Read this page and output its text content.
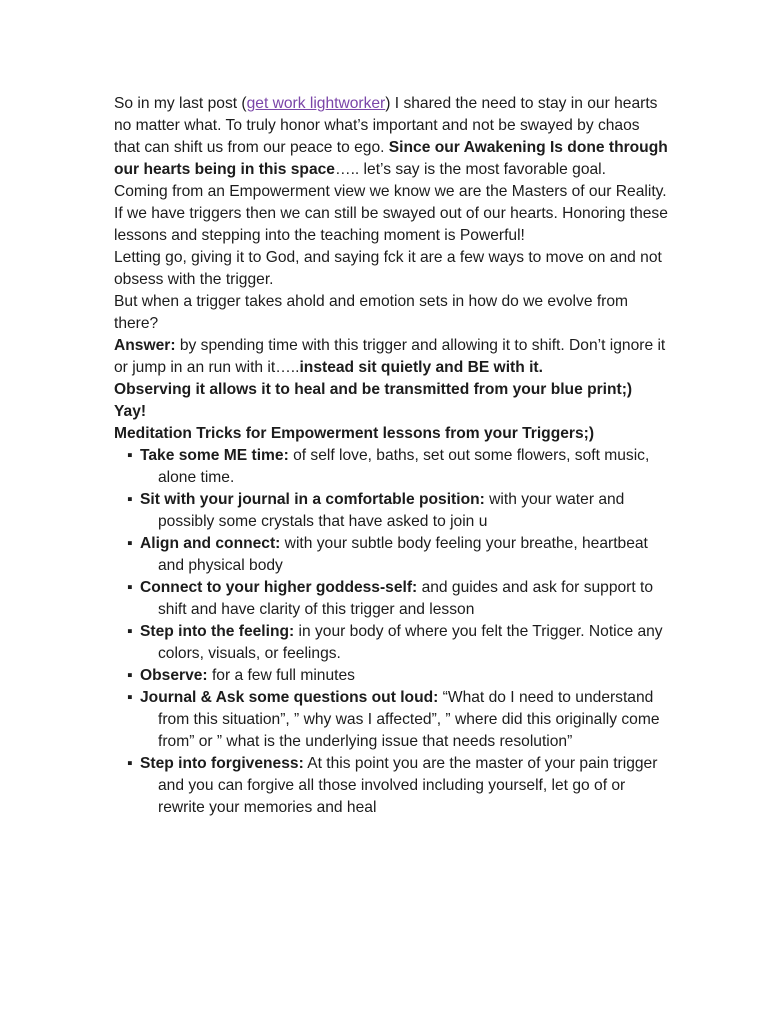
So in my last post (get work lightworker) I shared the need to stay in our hearts no matter what. To truly honor what’s important and not be swayed by chaos that can shift us from our peace to ego. Since our Awakening Is done through our hearts being in this space….. let’s say is the most favorable goal.

Coming from an Empowerment view we know we are the Masters of our Reality. If we have triggers then we can still be swayed out of our hearts. Honoring these lessons and stepping into the teaching moment is Powerful!

Letting go, giving it to God, and saying fck it are a few ways to move on and not obsess with the trigger.

But when a trigger takes ahold and emotion sets in how do we evolve from there?

Answer: by spending time with this trigger and allowing it to shift. Don’t ignore it or jump in an run with it…..instead sit quietly and BE with it.

Observing it allows it to heal and be transmitted from your blue print;) Yay!

Meditation Tricks for Empowerment lessons from your Triggers;)

▪ Take some ME time: of self love, baths, set out some flowers, soft music, alone time.
▪ Sit with your journal in a comfortable position: with your water and possibly some crystals that have asked to join u
▪ Align and connect: with your subtle body feeling your breathe, heartbeat and physical body
▪ Connect to your higher goddess-self: and guides and ask for support to shift and have clarity of this trigger and lesson
▪ Step into the feeling: in your body of where you felt the Trigger. Notice any colors, visuals, or feelings.
▪ Observe: for a few full minutes
▪ Journal & Ask some questions out loud: “What do I need to understand from this situation”, ” why was I affected”, ” where did this originally come from” or ” what is the underlying issue that needs resolution”
▪ Step into forgiveness: At this point you are the master of your pain trigger and you can forgive all those involved including yourself, let go of or rewrite your memories and heal
